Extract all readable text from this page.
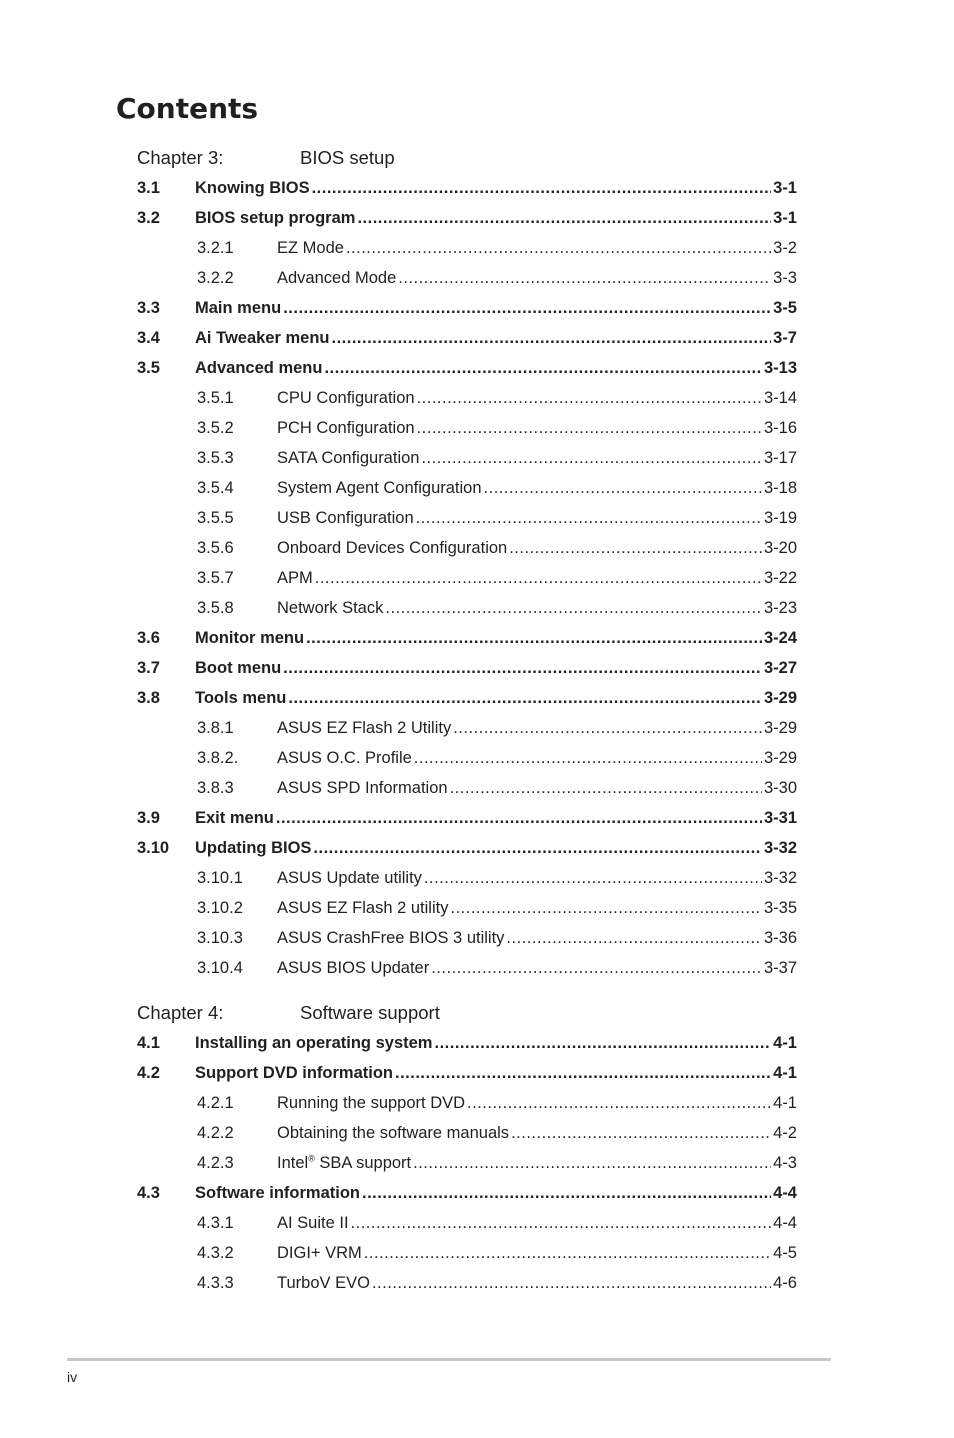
Contents
Chapter 3:	BIOS setup
3.1 Knowing BIOS .....	3-1
3.2 BIOS setup program .....	3-1
3.2.1	EZ Mode .....	3-2
3.2.2	Advanced Mode .....	3-3
3.3 Main menu .....	3-5
3.4 Ai Tweaker menu .....	3-7
3.5 Advanced menu .....	3-13
3.5.1	CPU Configuration .....	3-14
3.5.2	PCH Configuration .....	3-16
3.5.3	SATA Configuration .....	3-17
3.5.4	System Agent Configuration .....	3-18
3.5.5	USB Configuration .....	3-19
3.5.6	Onboard Devices Configuration .....	3-20
3.5.7	APM .....	3-22
3.5.8	Network Stack .....	3-23
3.6 Monitor menu .....	3-24
3.7 Boot menu .....	3-27
3.8 Tools menu .....	3-29
3.8.1	ASUS EZ Flash 2 Utility .....	3-29
3.8.2. ASUS O.C. Profile .....	3-29
3.8.3	ASUS SPD Information .....	3-30
3.9 Exit menu .....	3-31
3.10 Updating BIOS .....	3-32
3.10.1 ASUS Update utility .....	3-32
3.10.2 ASUS EZ Flash 2 utility .....	3-35
3.10.3 ASUS CrashFree BIOS 3 utility .....	3-36
3.10.4 ASUS BIOS Updater .....	3-37
Chapter 4:	Software support
4.1 Installing an operating system .....	4-1
4.2 Support DVD information .....	4-1
4.2.1	Running the support DVD .....	4-1
4.2.2	Obtaining the software manuals .....	4-2
4.2.3	Intel® SBA support .....	4-3
4.3 Software information .....	4-4
4.3.1	AI Suite II .....	4-4
4.3.2	DIGI+ VRM .....	4-5
4.3.3	TurboV EVO .....	4-6
iv
